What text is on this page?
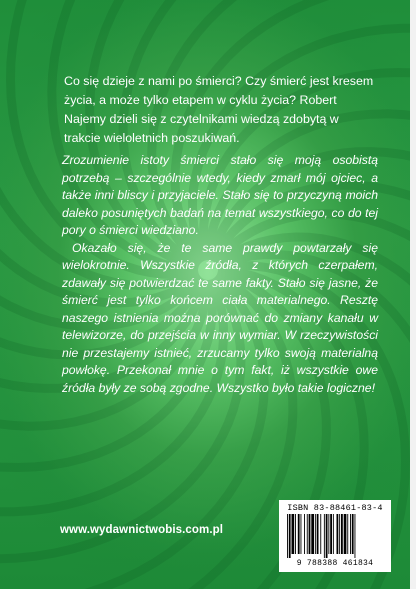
Co się dzieje z nami po śmierci? Czy śmierć jest kresem życia, a może tylko etapem w cyklu życia? Robert Najemy dzieli się z czytelnikami wiedzą zdobytą w trakcie wieloletnich poszukiwań.

Zrozumienie istoty śmierci stało się moją osobistą potrzebą – szczególnie wtedy, kiedy zmarł mój ojciec, a także inni bliscy i przyjaciele. Stało się to przyczyną moich daleko posuniętych badań na temat wszystkiego, co do tej pory o śmierci wiedziano.

Okazało się, że te same prawdy powtarzały się wielokrotnie. Wszystkie źródła, z których czerpałem, zdawały się potwierdzać te same fakty. Stało się jasne, że śmierć jest tylko końcem ciała materialnego. Resztę naszego istnienia można porównać do zmiany kanału w telewizorze, do przejścia w inny wymiar. W rzeczywistości nie przestajemy istnieć, zrzucamy tylko swoją materialną powłokę. Przekonał mnie o tym fakt, iż wszystkie owe źródła były ze sobą zgodne. Wszystko było takie logiczne!

www.wydawnictwobis.com.pl
ISBN 83-88461-83-4
9 788388 461834
